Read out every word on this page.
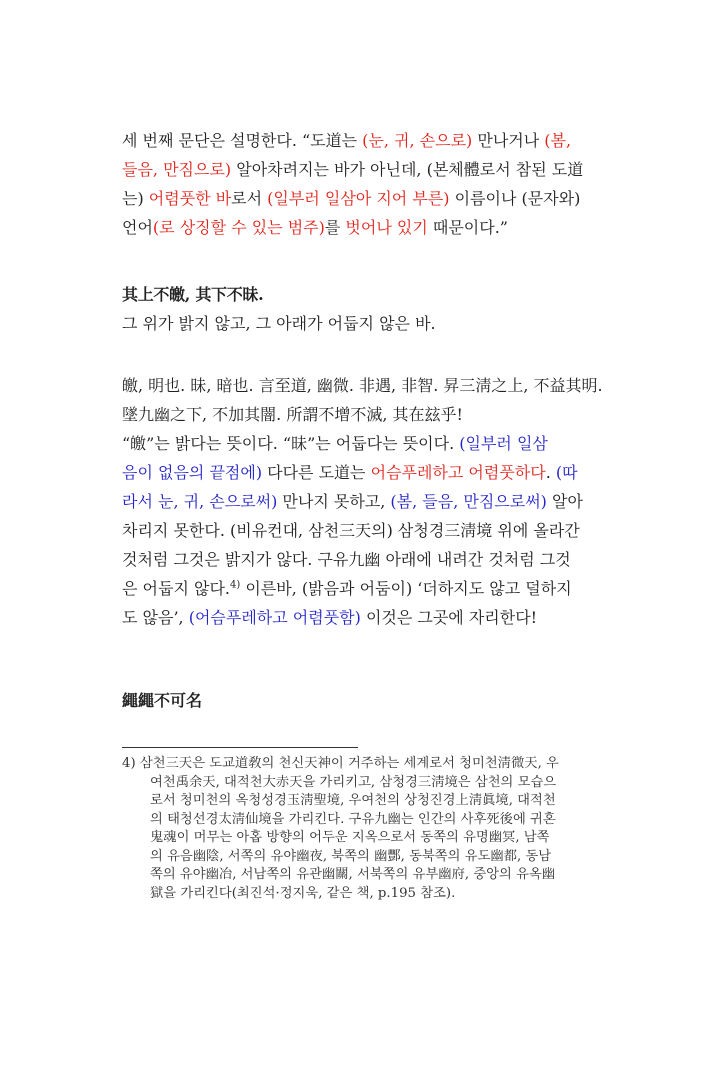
세 번째 문단은 설명한다. “도道는 (눈, 귀, 손으로) 만나거나 (봄,
들음, 만짐으로) 알아차려지는 바가 아닌데, (본체體로서 참된 도道
는) 어렴풋한 바로서 (일부러 일삼아 지어 부른) 이름이나 (문자와)
언어(로 상징할 수 있는 범주)를 벗어나 있기 때문이다.”
其上不皦, 其下不昧.
그 위가 밝지 않고, 그 아래가 어둡지 않은 바.
皦, 明也. 昧, 暗也. 言至道, 幽微. 非遇, 非智. 昇三淸之上, 不益其明.
墜九幽之下, 不加其闇. 所謂不增不滅, 其在玆乎!
“皦”는 밝다는 뜻이다. “昧”는 어둡다는 뜻이다. (일부러 일삼
음이 없음의 끝점에) 다다른 도道는 어슴푸레하고 어렴풋하다. (따
라서 눈, 귀, 손으로써) 만나지 못하고, (봄, 들음, 만짐으로써) 알아
차리지 못한다. (비유컨대, 삼천三天의) 삼청경三淸境 위에 올라간
것처럼 그것은 밝지가 않다. 구유九幽 아래에 내려간 것처럼 그것
은 어둡지 않다.$^{4)}$ 이른바, (밝음과 어둠이) ‘더하지도 않고 덜하지
도 않음’, (어슴푸레하고 어렴풋함) 이것은 그곳에 자리한다!
繩繩不可名
4) 삼천三天은 도교道敎의 천신天神이 거주하는 세계로서 청미천淸微天, 우
여천禹余天, 대적천大赤天을 가리키고, 삼청경三淸境은 삼천의 모습으
로서 청미천의 옥청성경玉淸聖境, 우여천의 상청진경上淸眞境, 대적천
의 태청선경太淸仙境을 가리킨다. 구유九幽는 인간의 사후死後에 귀혼
鬼魂이 머무는 아홉 방향의 어두운 지옥으로서 동쪽의 유명幽冥, 남쪽
의 유음幽陰, 서쪽의 유야幽夜, 북쪽의 幽酆, 동북쪽의 유도幽都, 동남
쪽의 유야幽冶, 서남쪽의 유관幽關, 서북쪽의 유부幽府, 중앙의 유옥幽
獄을 가리킨다(최진석·정지욱, 같은 책, p.195 참조).
